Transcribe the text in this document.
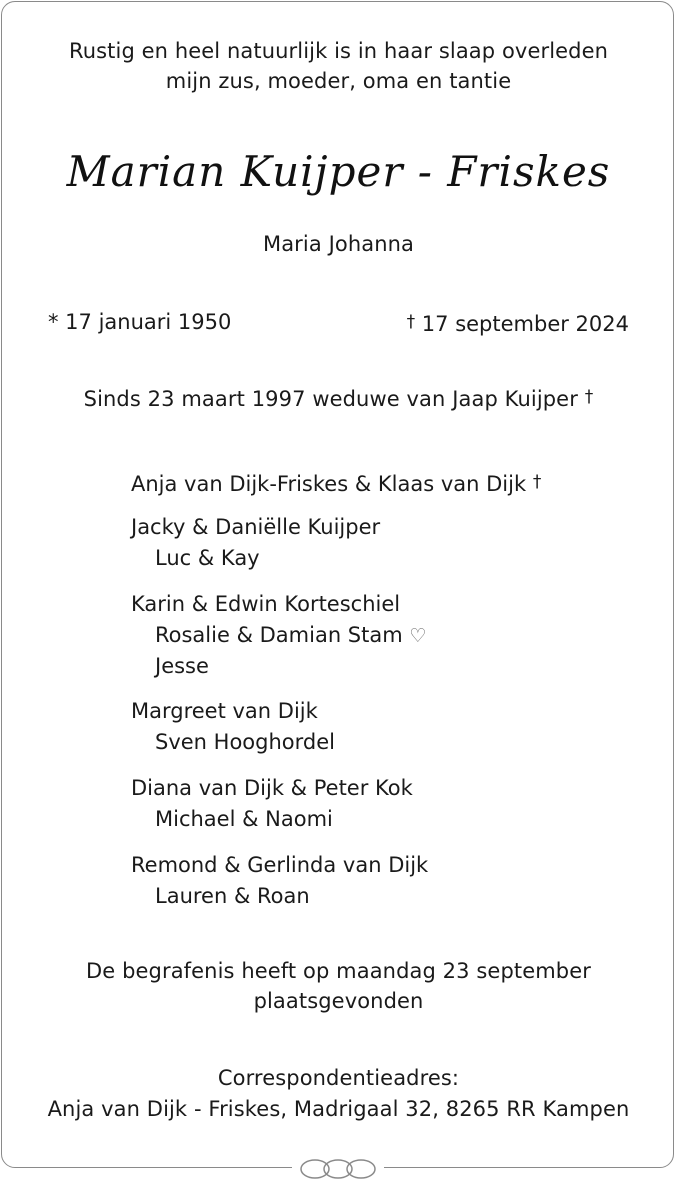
Rustig en heel natuurlijk is in haar slaap overleden
mijn zus, moeder, oma en tantie
Marian Kuijper - Friskes
Maria Johanna
* 17 januari 1950	† 17 september 2024
Sinds 23 maart 1997 weduwe van Jaap Kuijper †
Anja van Dijk-Friskes & Klaas van Dijk †
Jacky & Daniëlle Kuijper
Luc & Kay
Karin & Edwin Korteschiel
Rosalie & Damian Stam ♡
Jesse
Margreet van Dijk
Sven Hooghordel
Diana van Dijk & Peter Kok
Michael & Naomi
Remond & Gerlinda van Dijk
Lauren & Roan
De begrafenis heeft op maandag 23 september
plaatsgevonden
Correspondentieadres:
Anja van Dijk - Friskes, Madrigaal 32, 8265 RR Kampen
